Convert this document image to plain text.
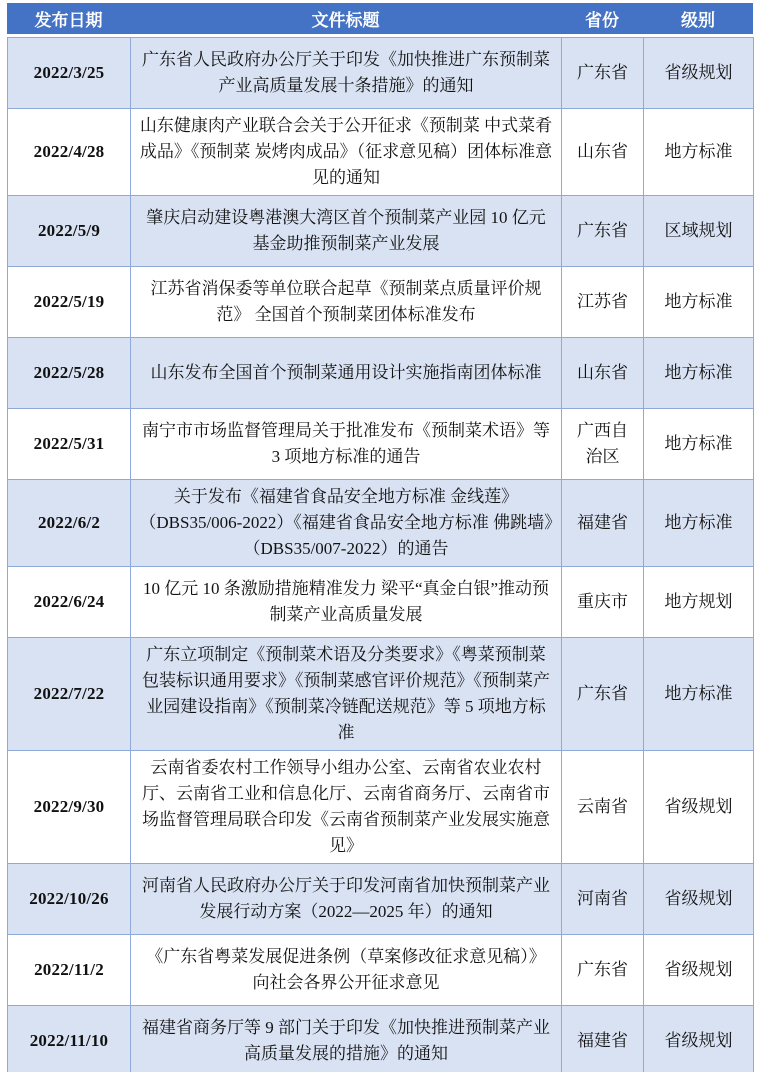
发布日期	文件标题	省份	级别
2022/3/25	广东省人民政府办公厅关于印发《加快推进广东预制菜产业高质量发展十条措施》的通知	广东省	省级规划
2022/4/28	山东健康肉产业联合会关于公开征求《预制菜 中式菜肴成品》《预制菜 炭烤肉成品》（征求意见稿）团体标准意见的通知	山东省	地方标准
2022/5/9	肇庆启动建设粤港澳大湾区首个预制菜产业园 10 亿元基金助推预制菜产业发展	广东省	区域规划
2022/5/19	江苏省消保委等单位联合起草《预制菜点质量评价规范》 全国首个预制菜团体标准发布	江苏省	地方标准
2022/5/28	山东发布全国首个预制菜通用设计实施指南团体标准	山东省	地方标准
2022/5/31	南宁市市场监督管理局关于批准发布《预制菜术语》等 3 项地方标准的通告	广西自治区	地方标准
2022/6/2	关于发布《福建省食品安全地方标准 金线莲》（DBS35/006-2022）《福建省食品安全地方标准 佛跳墙》（DBS35/007-2022）的通告	福建省	地方标准
2022/6/24	10 亿元 10 条激励措施精准发力 梁平“真金白银”推动预制菜产业高质量发展	重庆市	地方规划
2022/7/22	广东立项制定《预制菜术语及分类要求》《粤菜预制菜包装标识通用要求》《预制菜感官评价规范》《预制菜产业园建设指南》《预制菜冷链配送规范》等 5 项地方标准	广东省	地方标准
2022/9/30	云南省委农村工作领导小组办公室、云南省农业农村厅、云南省工业和信息化厅、云南省商务厅、云南省市场监督管理局联合印发《云南省预制菜产业发展实施意见》	云南省	省级规划
2022/10/26	河南省人民政府办公厅关于印发河南省加快预制菜产业发展行动方案（2022—2025 年）的通知	河南省	省级规划
2022/11/2	《广东省粤菜发展促进条例（草案修改征求意见稿）》向社会各界公开征求意见	广东省	省级规划
2022/11/10	福建省商务厅等 9 部门关于印发《加快推进预制菜产业高质量发展的措施》的通知	福建省	省级规划
